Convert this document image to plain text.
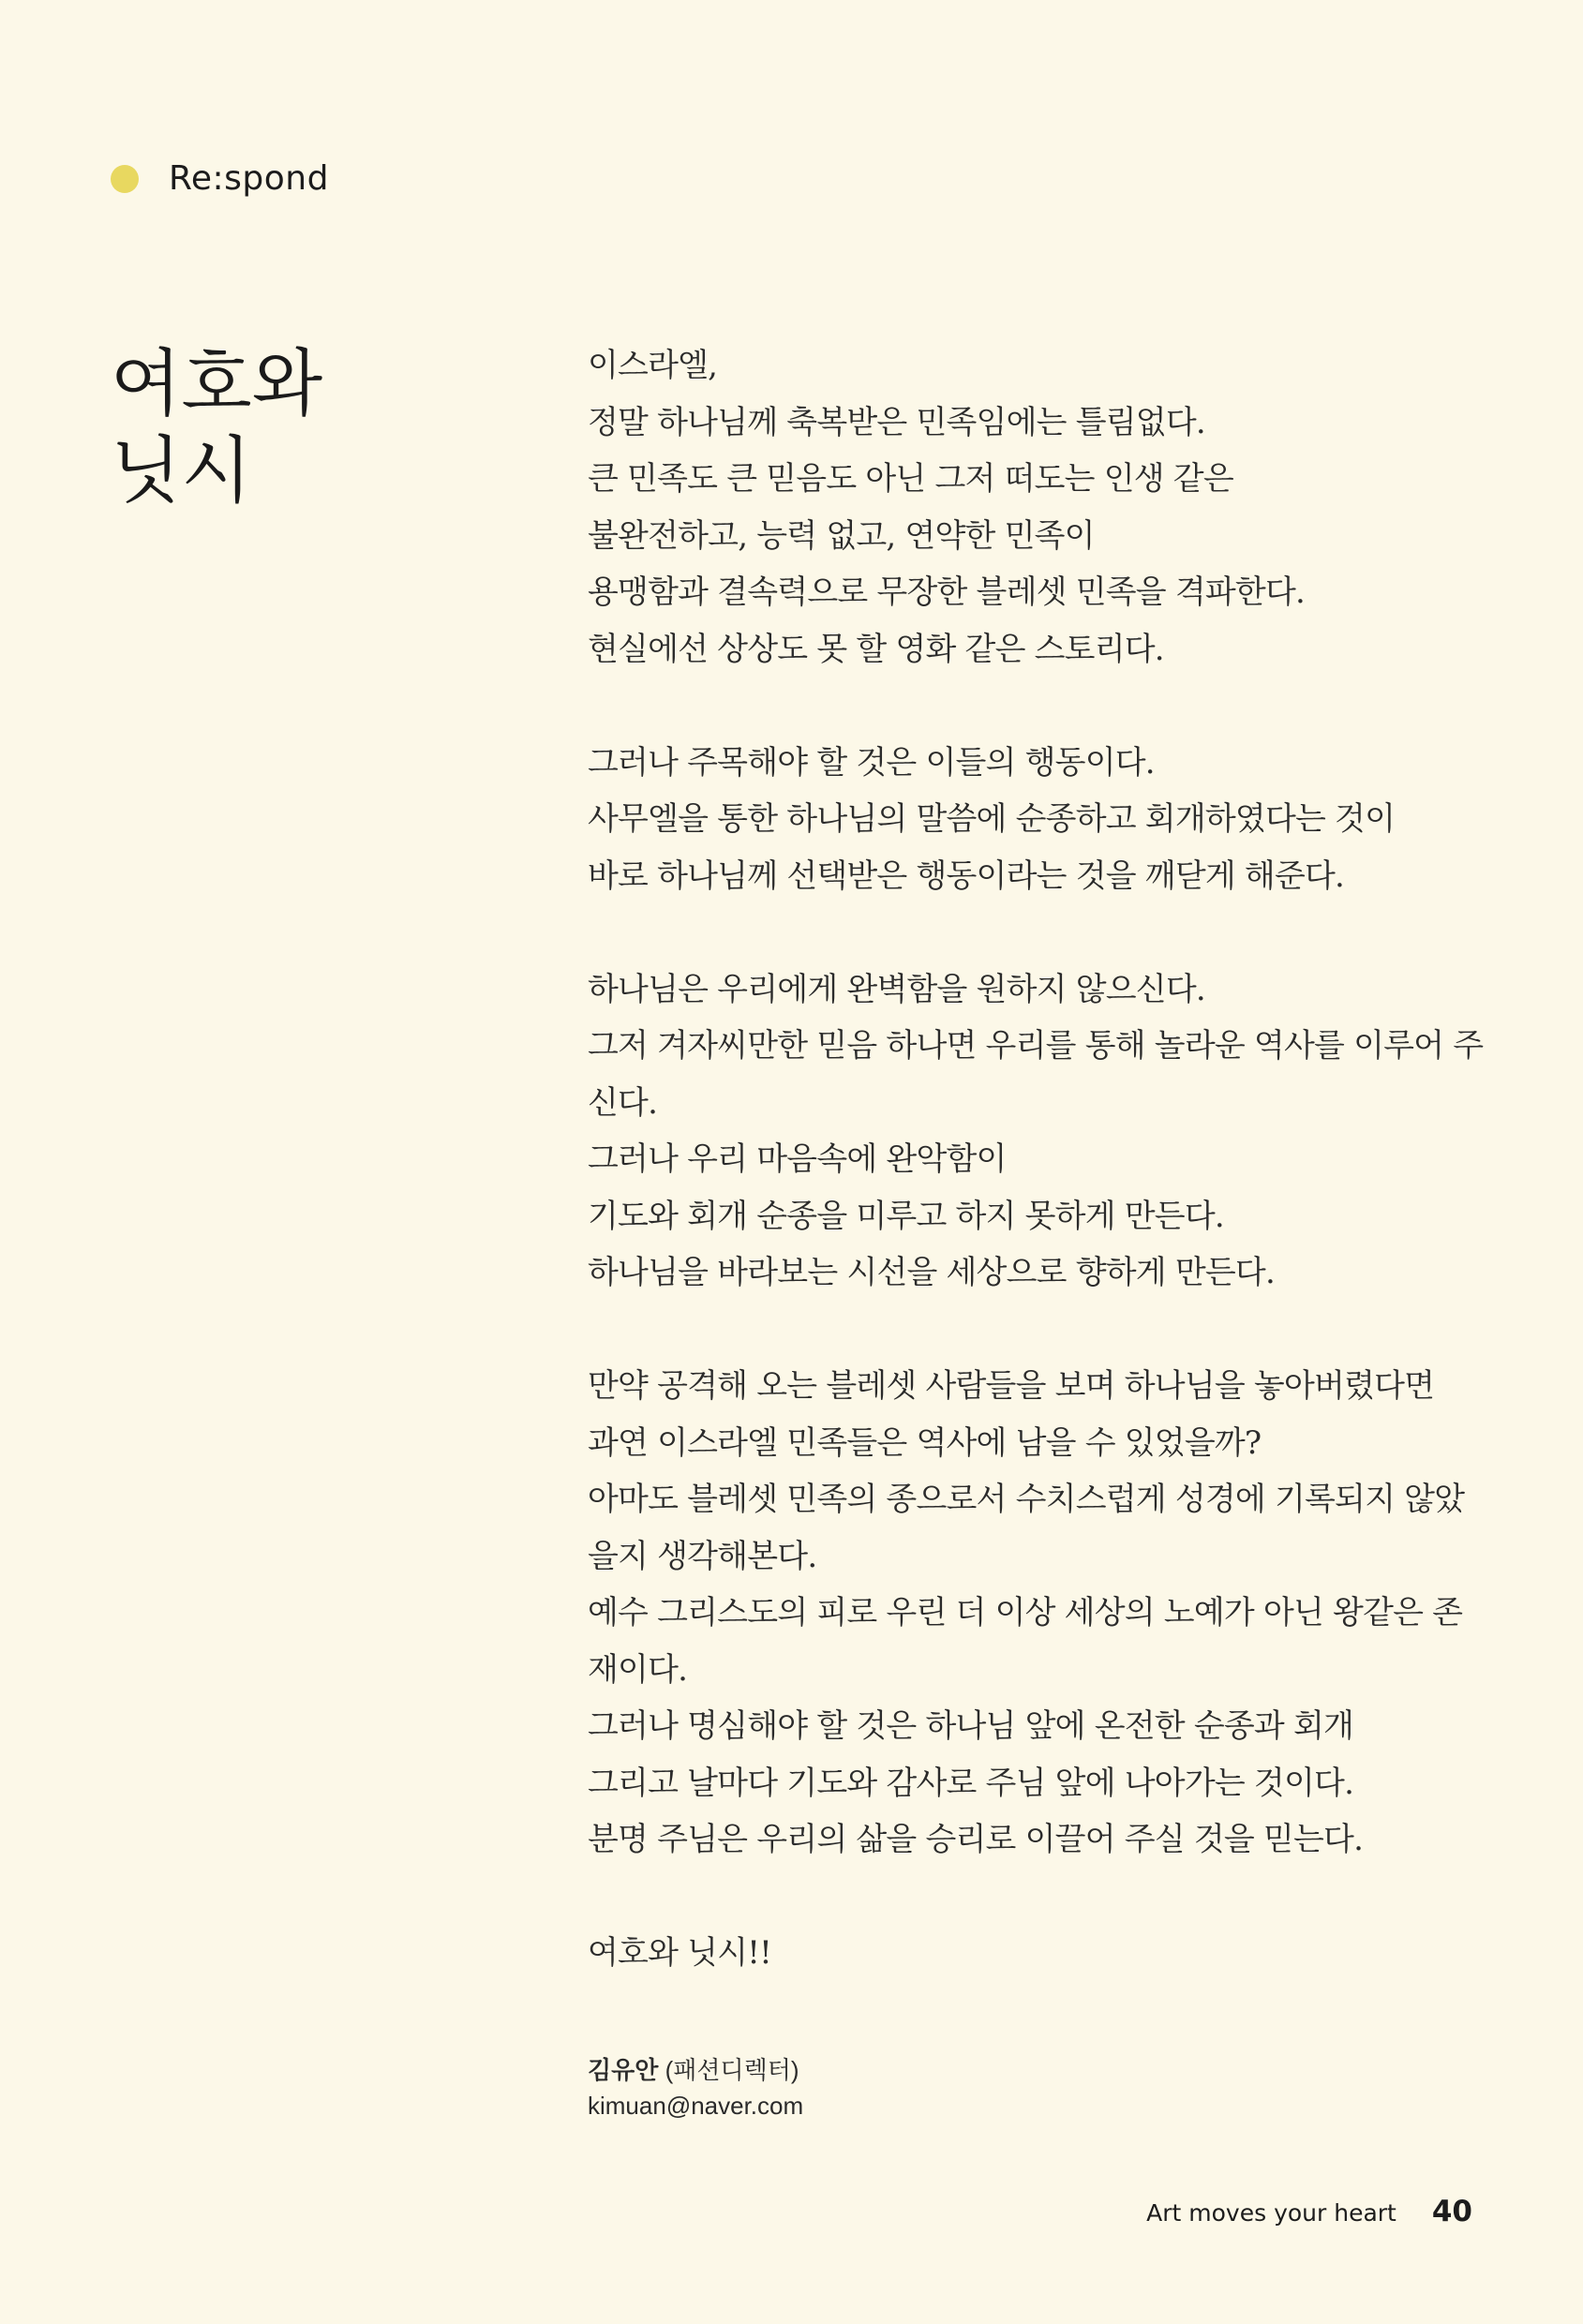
Re:spond
여호와
닛시
이스라엘,
정말 하나님께 축복받은 민족임에는 틀림없다.
큰 민족도 큰 믿음도 아닌 그저 떠도는 인생 같은
불완전하고, 능력 없고, 연약한 민족이
용맹함과 결속력으로 무장한 블레셋 민족을 격파한다.
현실에선 상상도 못 할 영화 같은 스토리다.
그러나 주목해야 할 것은 이들의 행동이다.
사무엘을 통한 하나님의 말씀에 순종하고 회개하였다는 것이
바로 하나님께 선택받은 행동이라는 것을 깨닫게 해준다.
하나님은 우리에게 완벽함을 원하지 않으신다.
그저 겨자씨만한 믿음 하나면 우리를 통해 놀라운 역사를 이루어 주
신다.
그러나 우리 마음속에 완악함이
기도와 회개 순종을 미루고 하지 못하게 만든다.
하나님을 바라보는 시선을 세상으로 향하게 만든다.
만약 공격해 오는 블레셋 사람들을 보며 하나님을 놓아버렸다면
과연 이스라엘 민족들은 역사에 남을 수 있었을까?
아마도 블레셋 민족의 종으로서 수치스럽게 성경에 기록되지 않았
을지 생각해본다.
예수 그리스도의 피로 우린 더 이상 세상의 노예가 아닌 왕같은 존
재이다.
그러나 명심해야 할 것은 하나님 앞에 온전한 순종과 회개
그리고 날마다 기도와 감사로 주님 앞에 나아가는 것이다.
분명 주님은 우리의 삶을 승리로 이끌어 주실 것을 믿는다.
여호와 닛시!!
김유안 (패션디렉터)
kimuan@naver.com
Art moves your heart 40
